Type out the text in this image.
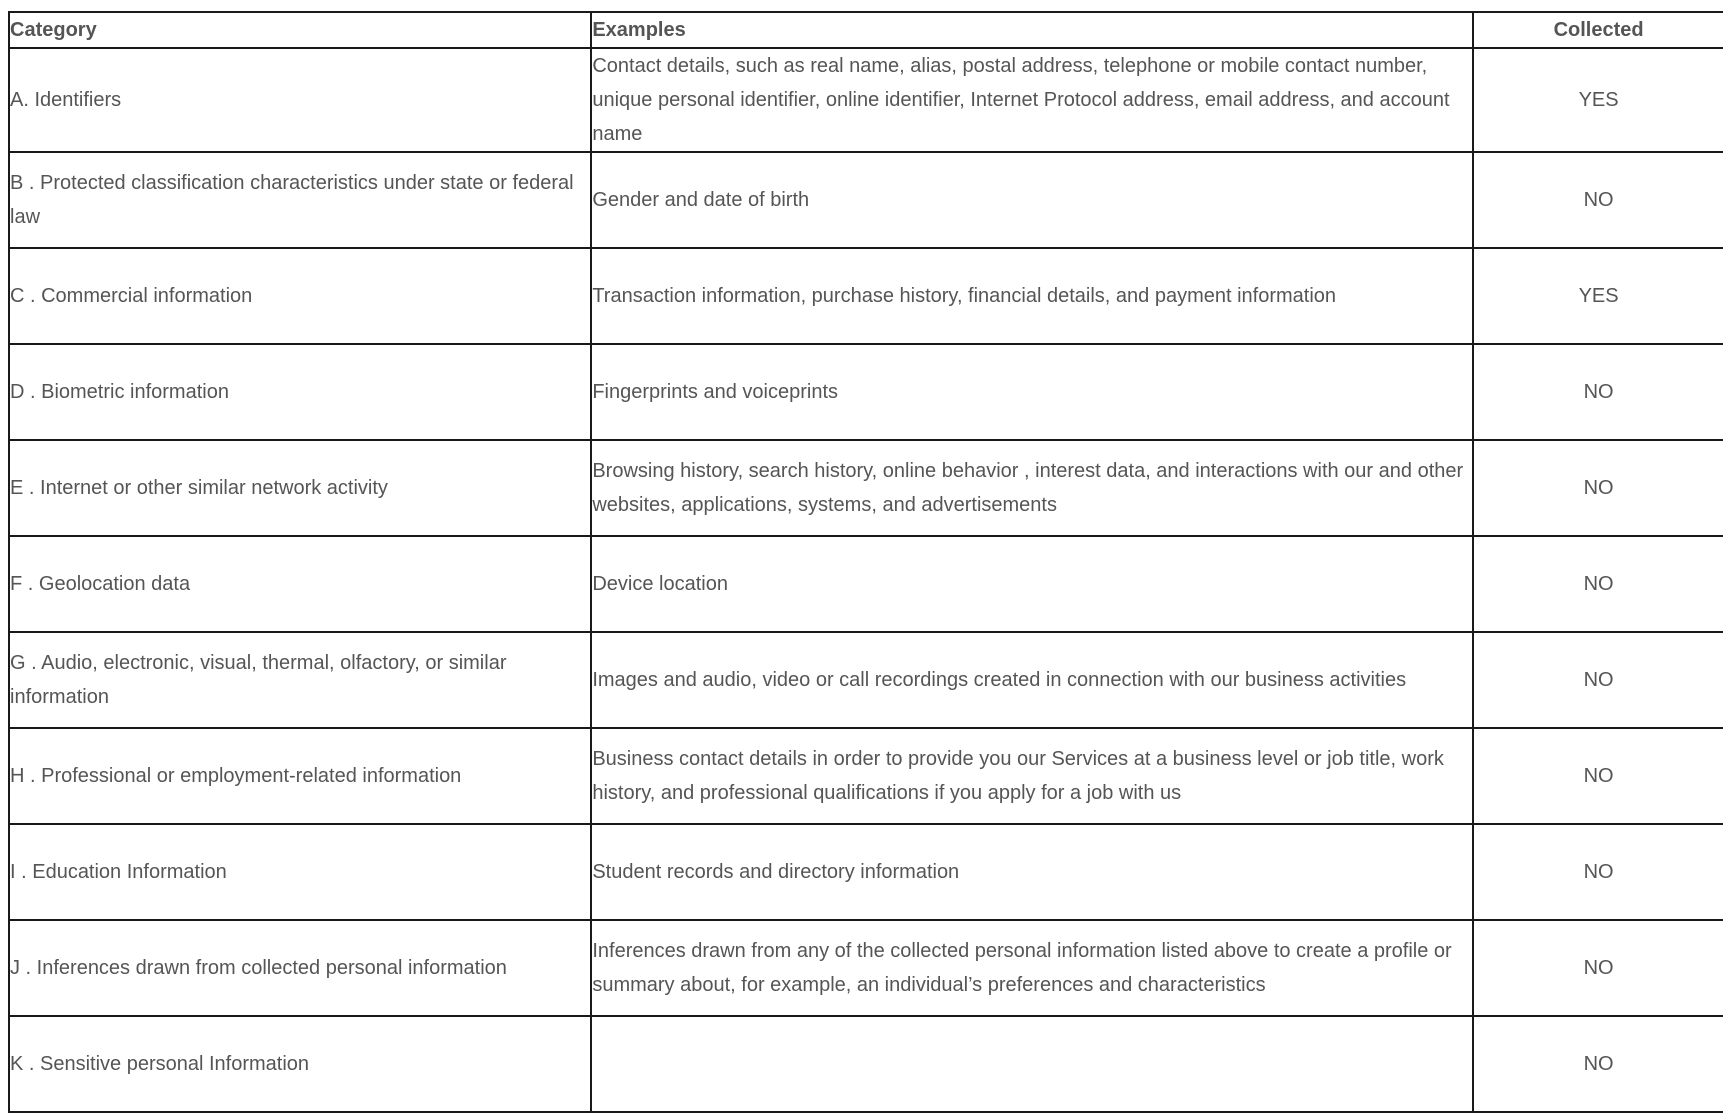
Category	Examples	Collected
A. Identifiers	Contact details, such as real name, alias, postal address, telephone or mobile contact number, unique personal identifier, online identifier, Internet Protocol address, email address, and account name	YES
B . Protected classification characteristics under state or federal law	Gender and date of birth	NO
C . Commercial information	Transaction information, purchase history, financial details, and payment information	YES
D . Biometric information	Fingerprints and voiceprints	NO
E . Internet or other similar network activity	Browsing history, search history, online behavior , interest data, and interactions with our and other websites, applications, systems, and advertisements	NO
F . Geolocation data	Device location	NO
G . Audio, electronic, visual, thermal, olfactory, or similar information	Images and audio, video or call recordings created in connection with our business activities	NO
H . Professional or employment-related information	Business contact details in order to provide you our Services at a business level or job title, work history, and professional qualifications if you apply for a job with us	NO
I . Education Information	Student records and directory information	NO
J . Inferences drawn from collected personal information	Inferences drawn from any of the collected personal information listed above to create a profile or summary about, for example, an individual’s preferences and characteristics	NO
K . Sensitive personal Information		NO
